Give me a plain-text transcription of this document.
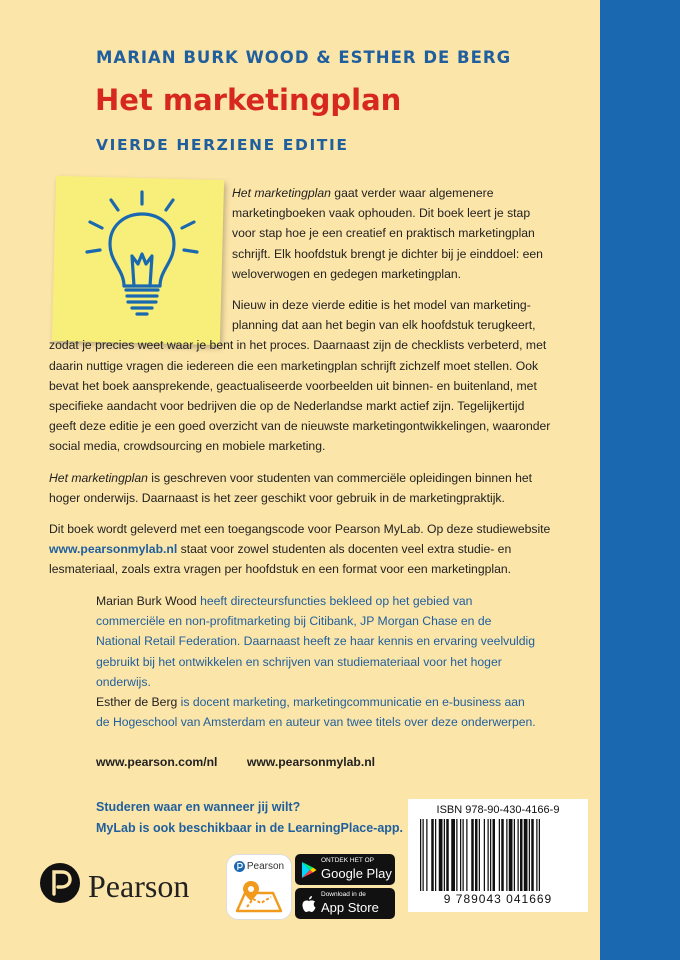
MARIAN BURK WOOD & ESTHER DE BERG
Het marketingplan
VIERDE HERZIENE EDITIE

Het marketingplan gaat verder waar algemenere marketingboeken vaak ophouden. Dit boek leert je stap voor stap hoe je een creatief en praktisch marketingplan schrijft. Elk hoofdstuk brengt je dichter bij je einddoel: een weloverwogen en gedegen marketingplan.

Nieuw in deze vierde editie is het model van marketingplanning dat aan het begin van elk hoofdstuk terugkeert, zodat je precies weet waar je bent in het proces. Daarnaast zijn de checklists verbeterd, met daarin nuttige vragen die iedereen die een marketingplan schrijft zichzelf moet stellen. Ook bevat het boek aansprekende, geactualiseerde voorbeelden uit binnen- en buitenland, met specifieke aandacht voor bedrijven die op de Nederlandse markt actief zijn. Tegelijkertijd geeft deze editie je een goed overzicht van de nieuwste marketingontwikkelingen, waaronder social media, crowdsourcing en mobiele marketing.

Het marketingplan is geschreven voor studenten van commerciële opleidingen binnen het hoger onderwijs. Daarnaast is het zeer geschikt voor gebruik in de marketingpraktijk.

Dit boek wordt geleverd met een toegangscode voor Pearson MyLab. Op deze studiewebsite www.pearsonmylab.nl staat voor zowel studenten als docenten veel extra studie- en lesmateriaal, zoals extra vragen per hoofdstuk en een format voor een marketingplan.

Marian Burk Wood heeft directeursfuncties bekleed op het gebied van commerciële en non-profitmarketing bij Citibank, JP Morgan Chase en de National Retail Federation. Daarnaast heeft ze haar kennis en ervaring veelvuldig gebruikt bij het ontwikkelen en schrijven van studiemateriaal voor het hoger onderwijs.

Esther de Berg is docent marketing, marketingcommunicatie en e-business aan de Hogeschool van Amsterdam en auteur van twee titels over deze onderwerpen.

www.pearson.com/nl www.pearsonmylab.nl
Studeren waar en wanneer jij wilt?
MyLab is ook beschikbaar in de LearningPlace-app.
ISBN 978-90-430-4166-9
9 789043 041669
Pearson
Pearson	ONTDEK HET OP
Google Play
Download in de
App Store
